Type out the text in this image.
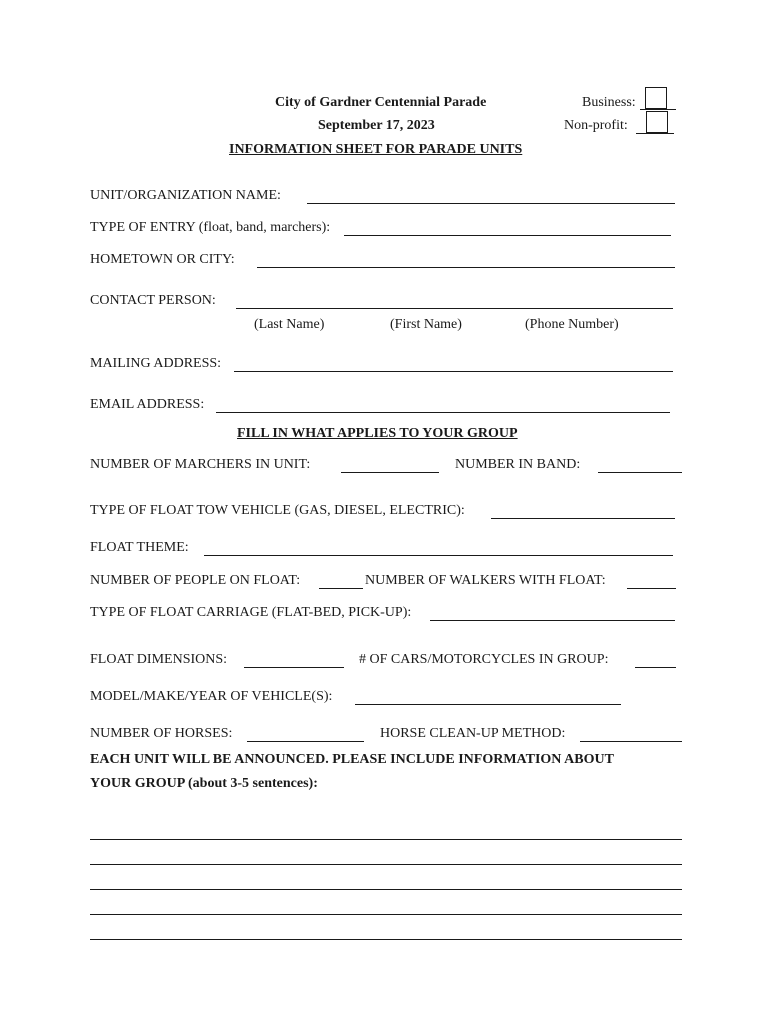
City of Gardner Centennial Parade
September 17, 2023
INFORMATION SHEET FOR PARADE UNITS
Business:
Non-profit:
UNIT/ORGANIZATION NAME:
TYPE OF ENTRY (float, band, marchers):
HOMETOWN OR CITY:
CONTACT PERSON:
(Last Name)	(First Name)	(Phone Number)
MAILING ADDRESS:
EMAIL ADDRESS:
FILL IN WHAT APPLIES TO YOUR GROUP
NUMBER OF MARCHERS IN UNIT:	NUMBER IN BAND:
TYPE OF FLOAT TOW VEHICLE (GAS, DIESEL, ELECTRIC):
FLOAT THEME:
NUMBER OF PEOPLE ON FLOAT:	NUMBER OF WALKERS WITH FLOAT:
TYPE OF FLOAT CARRIAGE (FLAT-BED, PICK-UP):
FLOAT DIMENSIONS:	# OF CARS/MOTORCYCLES IN GROUP:
MODEL/MAKE/YEAR OF VEHICLE(S):
NUMBER OF HORSES:	HORSE CLEAN-UP METHOD:
EACH UNIT WILL BE ANNOUNCED. PLEASE INCLUDE INFORMATION ABOUT
YOUR GROUP (about 3-5 sentences):
